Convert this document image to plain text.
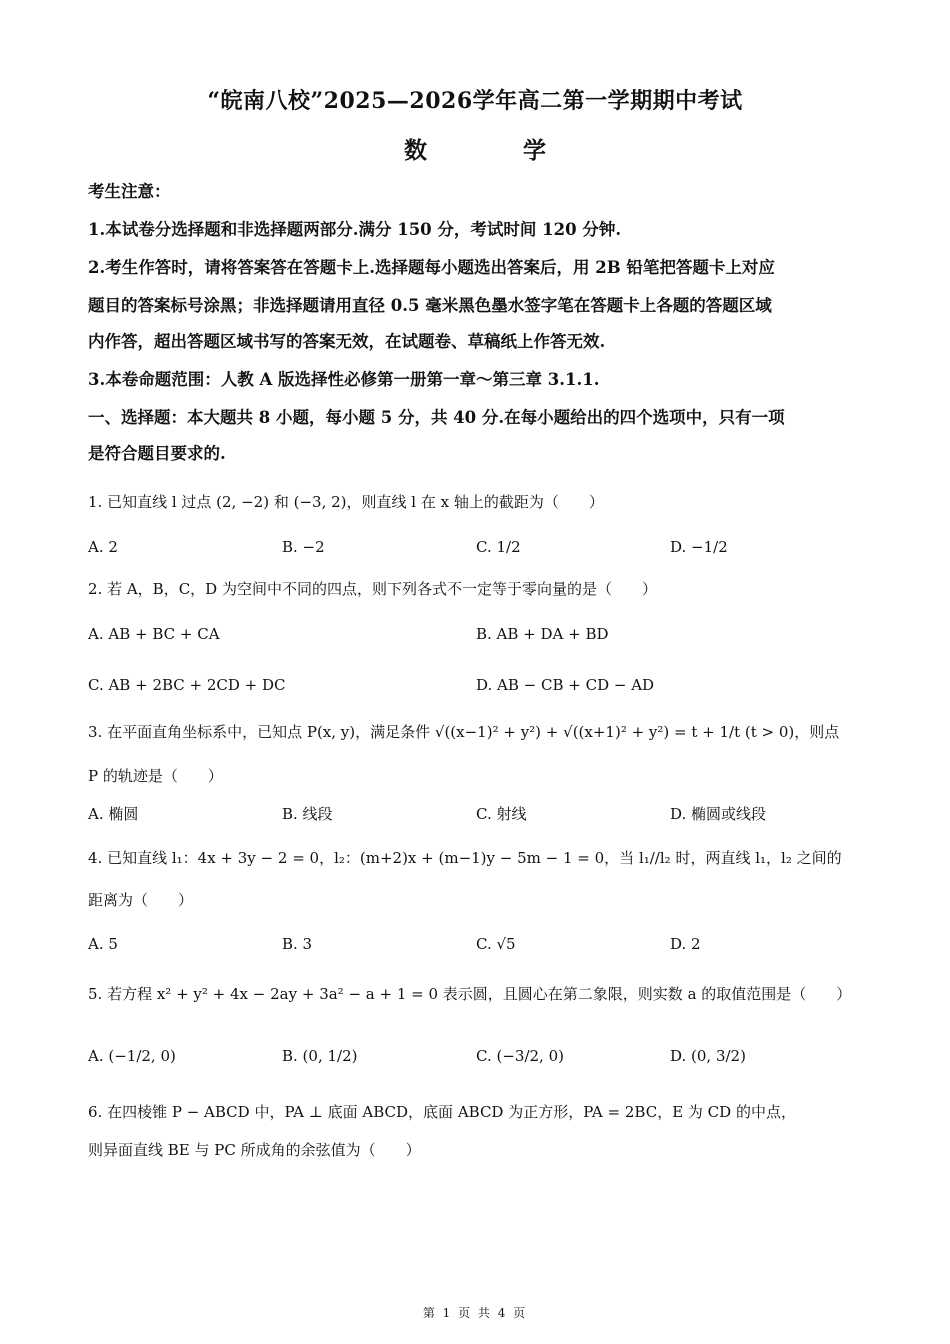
“皖南八校”2025—2026学年高二第一学期期中考试
数	学
考生注意：
1.本试卷分选择题和非选择题两部分.满分 150 分，考试时间 120 分钟.
2.考生作答时，请将答案答在答题卡上.选择题每小题选出答案后，用 2B 铅笔把答题卡上对应
题目的答案标号涂黑；非选择题请用直径 0.5 毫米黑色墨水签字笔在答题卡上各题的答题区域
内作答，超出答题区域书写的答案无效，在试题卷、草稿纸上作答无效.
3.本卷命题范围：人教 A 版选择性必修第一册第一章～第三章 3.1.1.
一、选择题：本大题共 8 小题，每小题 5 分，共 40 分.在每小题给出的四个选项中，只有一项
是符合题目要求的.
1. 已知直线 l 过点 (2, −2) 和 (−3, 2)，则直线 l 在 x 轴上的截距为（　　）
A. 2	B. −2	C. 1/2	D. −1/2
2. 若 A，B，C，D 为空间中不同的四点，则下列各式不一定等于零向量的是（　　）
A. AB + BC + CA	B. AB + DA + BD
C. AB + 2BC + 2CD + DC	D. AB − CB + CD − AD
3. 在平面直角坐标系中，已知点 P(x, y)，满足条件 √((x−1)² + y²) + √((x+1)² + y²) = t + 1/t (t > 0)，则点
P 的轨迹是（　　）
A. 椭圆	B. 线段	C. 射线	D. 椭圆或线段
4. 已知直线 l₁：4x + 3y − 2 = 0，l₂：(m+2)x + (m−1)y − 5m − 1 = 0，当 l₁//l₂ 时，两直线 l₁，l₂ 之间的
距离为（　　）
A. 5	B. 3	C. √5	D. 2
5. 若方程 x² + y² + 4x − 2ay + 3a² − a + 1 = 0 表示圆，且圆心在第二象限，则实数 a 的取值范围是（　　）
A. (−1/2, 0)	B. (0, 1/2)	C. (−3/2, 0)	D. (0, 3/2)
6. 在四棱锥 P − ABCD 中，PA ⊥ 底面 ABCD，底面 ABCD 为正方形，PA = 2BC，E 为 CD 的中点，
则异面直线 BE 与 PC 所成角的余弦值为（　　）
第 1 页 共 4 页
